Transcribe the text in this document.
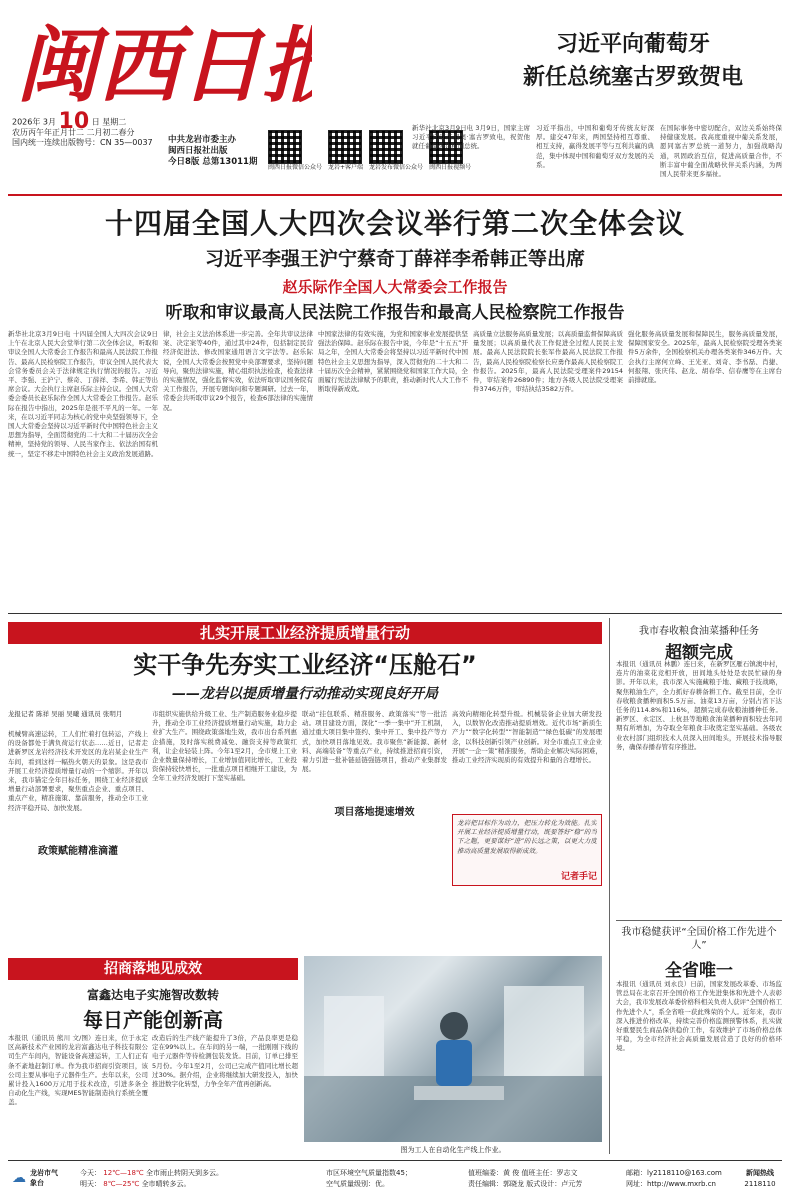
闽西日报
2026年 3月 10 日 星期二
农历丙午年正月廿二 二月初二春分
国内统一连续出版物号：CN 35—0037	中共龙岩市委主办
闽西日报社出版
今日8版 总第13011期
闽西日报微信公众号 龙岩+客户端 龙岩发布微信公众号 闽西日报视频号
习近平向葡萄牙
新任总统塞古罗致贺电
新华社北京3月9日电 3月9日，国家主席习近平向安东尼奥·塞古罗致电，祝贺他就任葡萄牙共和国总统。
习近平指出，中国和葡萄牙传统友好深厚。建交47年来，两国坚持相互尊重、相互支持，赢得发展平等与互利共赢的典范，集中体现中国和葡萄牙双方发展的关系。
在国际事务中密切配合，双边关系始终保持健康发展。我高度重视中葡关系发展，愿同塞古罗总统一道努力，加强战略沟通，巩固政治互信，促进高质量合作，不断丰富中葡全面战略伙伴关系内涵，为两国人民带来更多福祉。
十四届全国人大四次会议举行第二次全体会议
习近平李强王沪宁蔡奇丁薛祥李希韩正等出席
赵乐际作全国人大常委会工作报告
听取和审议最高人民法院工作报告和最高人民检察院工作报告
新华社北京3月9日电 十四届全国人大四次会议9日上午在北京人民大会堂举行第二次全体会议，听取和审议全国人大常委会工作报告和最高人民法院工作报告、最高人民检察院工作报告，审议全国人民代表大会常务委员会关于法律规定执行情况的报告。习近平、李强、王沪宁、蔡奇、丁薛祥、李希、韩正等出席会议。大会执行主席赵乐际主持会议。全国人大常委会委员长赵乐际作全国人大常委会工作报告。赵乐际在报告中指出，2025年是很不平凡的一年。一年来，在以习近平同志为核心的党中央坚强领导下，全国人大常委会坚持以习近平新时代中国特色社会主义思想为指导，全面贯彻党的二十大和二十届历次全会精神，坚持党的领导、人民当家作主、依法治国有机统一，坚定不移走中国特色社会主义政治发展道路。
律，社会主义法治体系进一步完善。全年共审议法律案、决定案等40件，通过其中24件，包括制定民营经济促进法、修改国家通用语言文字法等。赵乐际说，全国人大常委会按照党中央部署要求，坚持问题导向，聚焦法律实施，精心组织执法检查，检查法律的实施情况，强化监督实效，依法听取审议国务院有关工作报告，开展专题询问和专题调研。过去一年，常委会共听取审议29个报告，检查6部法律的实施情况。
中国家法律的有效实施，为党和国家事业发展提供坚强法治保障。赵乐际在报告中说，今年是“十五五”开局之年，全国人大常委会将坚持以习近平新时代中国特色社会主义思想为指导，深入贯彻党的二十大和二十届历次全会精神，紧紧围绕党和国家工作大局，全面履行宪法法律赋予的职责，推动新时代人大工作不断取得新成效。
高质量立法服务高质量发展；以高质量监督保障高质量发展；以高质量代表工作促进全过程人民民主发展。最高人民法院院长张军作最高人民法院工作报告，最高人民检察院检察长应勇作最高人民检察院工作报告。2025年，最高人民法院受理案件29154件，审结案件26890件；地方各级人民法院受理案件3746万件，审结执结3582万件。
强化服务高质量发展和保障民生，服务高质量发展，保障国家安全。2025年，最高人民检察院受理各类案件5万余件，全国检察机关办理各类案件346万件。大会执行主席何立峰、王光亚、刘奇、李书磊、肖捷、何报翔、张庆伟、赵龙、胡春华、信春鹰等在主席台前排就座。
扎实开展工业经济提质增量行动
实干争先夯实工业经济“压舱石”
——龙岩以提质增量行动推动实现良好开局
龙报记者 陈祥 吴丽 吴曦 通讯员 张明月
机械臂高速运转，工人们忙着打包转运，产线上的设备都处于满负荷运行状态……近日，记者走进新罗区龙岩经济技术开发区的龙岩某企业生产车间，看到这样一幅热火朝天的景象。这是我市开展工业经济提质增量行动的一个缩影。开年以来，我市锚定全年目标任务，围绕工业经济提质增量行动部署要求，聚焦重点企业、重点项目、重点产业，精准施策、靠前服务，推动全市工业经济平稳开局、加快发展。
政策赋能精准滴灌
市组织实施供给升级工业、生产制造服务业稳步提升，推动全市工业经济提质增量行动实施，助力企业扩大生产。围绕政策落地生效，我市出台系列惠企措施，及时落实税费减免、融资支持等政策红利，让企业轻装上阵。今年1至2月，全市规上工业企业数量保持增长，工业增加值同比增长，工业投资保持较快增长，一批重点项目相继开工建设，为全年工业经济发展打下坚实基础。
联动“挂包联系、精准服务、政策落实”等一批活动。项目建设方面，深化“一季一集中”开工机制，通过重大项目集中签约、集中开工、集中投产等方式，加快项目落地见效。我市聚焦“新能源、新材料、高端装备”等重点产业，持续推进招商引资，着力引进一批补链延链强链项目，推动产业集群发展。
项目落地提速增效
高效向精细化转型升级。机械装备企业加大研发投入，以数智化改造推动提质增效。近代市场“新质生产力”“数字化转型”“智能制造”“绿色低碳”的发展理念，以科技创新引领产业创新。对全市重点工业企业开展“一企一策”精准服务，帮助企业解决实际困难，推动工业经济实现质的有效提升和量的合理增长。
龙岩把目标作为动力，把压力转化为效能。扎实开展工业经济提质增量行动，既要答好“稳”的当下之题，更要谋好“进”的长远之策，以更大力度推动高质量发展取得新成效。
记者手记
我市春收粮食油菜播种任务
超额完成
本报讯（通讯员 林鹏）连日来，在新罗区雁石镇澳中村，连片的油菜花竞相开放，田间地头处处是农民忙碌的身影。开年以来，我市深入实施藏粮于地、藏粮于技战略，聚焦粮油生产，全力抓好春耕备耕工作。截至目前，全市春收粮食播种面积5.5万亩、油菜13万亩，分别占省下达任务的114.8%和116%，超额完成春收粮油播种任务。新罗区、永定区、上杭县等地粮食油菜播种面积较去年同期有所增加，为夺取全年粮食丰收奠定坚实基础。各级农业农村部门组织技术人员深入田间地头，开展技术指导服务，确保春播春管有序推进。
我市稳健获评“全国价格工作先进个人”
全省唯一
本报讯（通讯员 刘永良）日前，国家发展改革委、市场监管总局在北京召开全国价格工作先进集体和先进个人表彰大会，我市发展改革委价格科相关负责人获评“全国价格工作先进个人”，系全省唯一获此殊荣的个人。近年来，我市深入推进价格改革，持续完善价格监测预警体系，扎实做好重要民生商品保供稳价工作，有效维护了市场价格总体平稳，为全市经济社会高质量发展营造了良好的价格环境。
招商落地见成效
富鑫达电子实施智改数转
每日产能创新高
本报讯（通讯员 熊川 文/图）连日来，位于永定区高新技术产业园的龙岩富鑫达电子科技有限公司生产车间内，智能设备高速运转，工人们正有条不紊地赶制订单。作为我市招商引资项目，该公司主要从事电子元器件生产。去年以来，公司累计投入1600万元用于技术改造，引进多条全自动化生产线，实现MES智能制造执行系统全覆盖。
改造后的生产线产能提升了3倍，产品良率更是稳定在99%以上。在车间的另一端，一批刚刚下线的电子元器件等待检测包装发货。目前，订单已排至5月份。今年1至2月，公司已完成产值同比增长超过30%。据介绍，企业将继续加大研发投入，加快推进数字化转型，力争全年产值再创新高。
图为工人在自动化生产线上作业。
☁ 龙岩市气象台
今天： 12℃—18℃ 全市雨止转阴天到多云。
明天： 8℃—25℃ 全市晴转多云。
市区环境空气质量指数45；
空气质量级别：优。
值班编委：黄 俊 值班主任：罗志文
责任编辑：郭晓龙 版式设计：卢元芳
邮箱：ly2118110@163.com
网址：http://www.mxrb.cn
新闻热线
2118110
